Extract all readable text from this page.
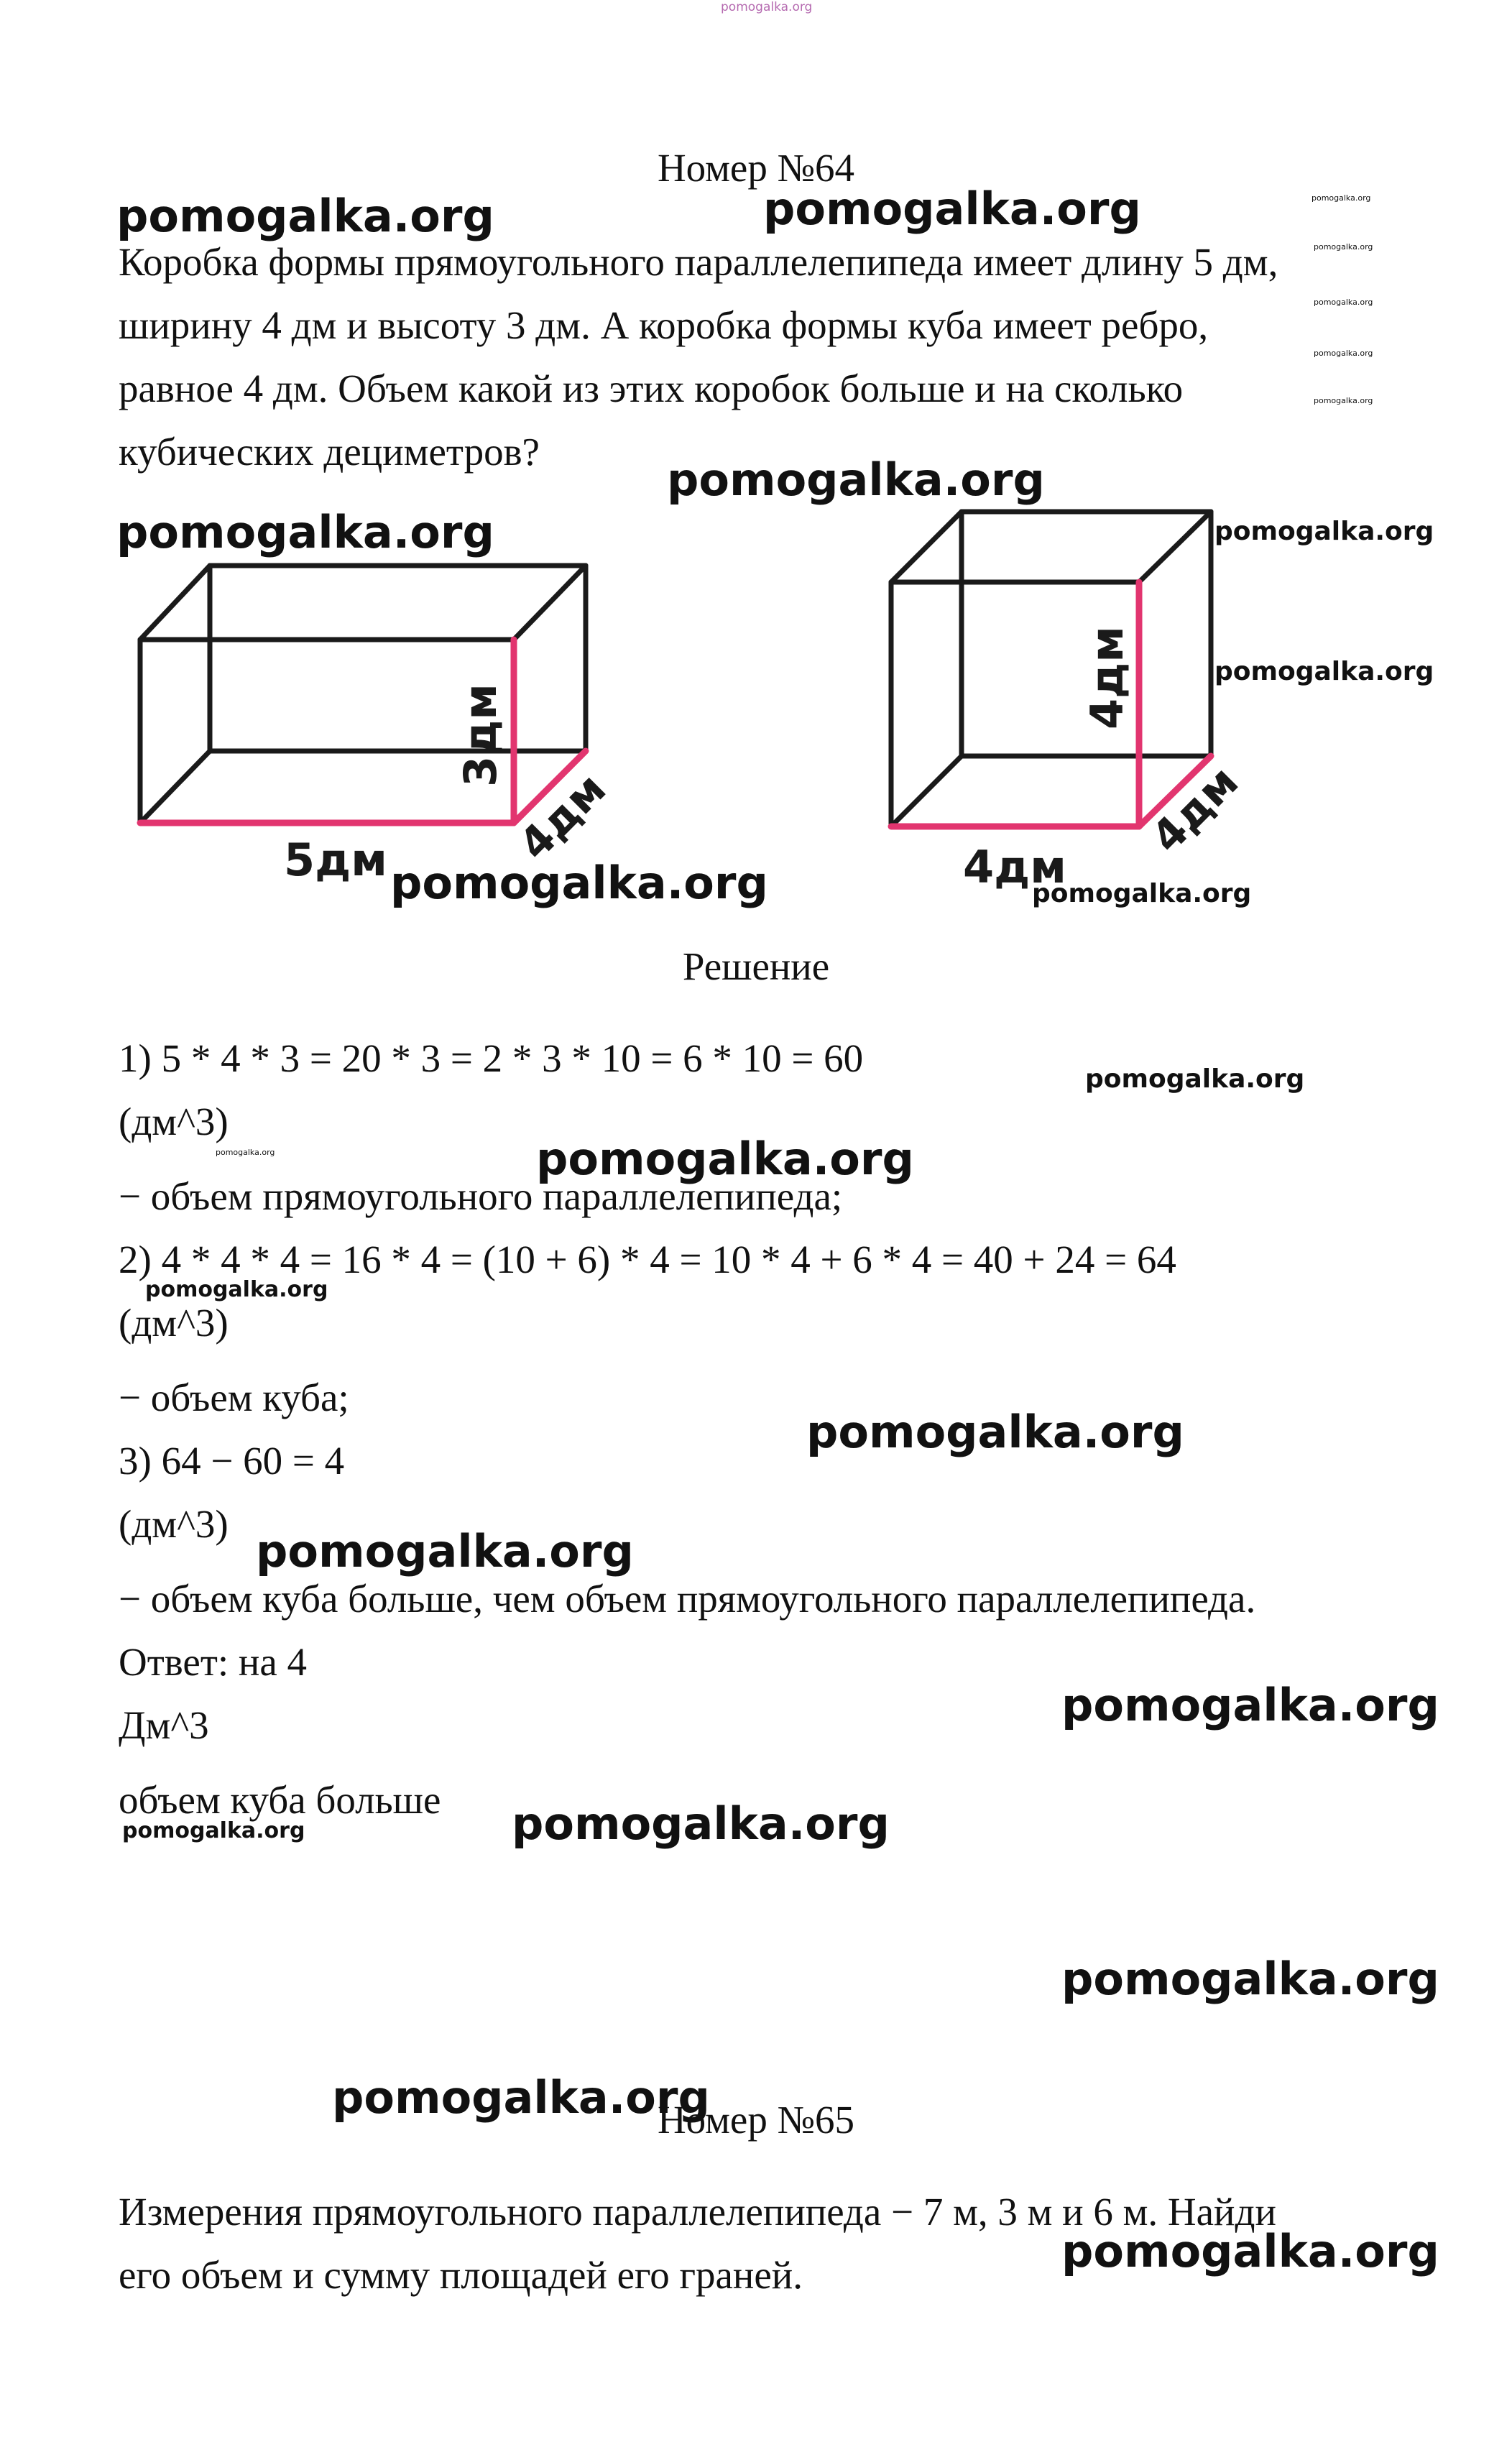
pomogalka.org
Номер №64
Коробка формы прямоугольного параллелепипеда имеет длину 5 дм,
ширину 4 дм и высоту 3 дм. А коробка формы куба имеет ребро,
равное 4 дм. Объем какой из этих коробок больше и на сколько
кубических дециметров?
3дм
4дм
5дм
4дм
4дм
4дм
Решение
1) 5 * 4 * 3 = 20 * 3 = 2 * 3 * 10 = 6 * 10 = 60
(дм^3)
− объем прямоугольного параллелепипеда;
2) 4 * 4 * 4 = 16 * 4 = (10 + 6) * 4 = 10 * 4 + 6 * 4 = 40 + 24 = 64
(дм^3)
− объем куба;
3) 64 − 60 = 4
(дм^3)
− объем куба больше, чем объем прямоугольного параллелепипеда.
Ответ: на 4
Дм^3
объем куба больше
Номер №65
Измерения прямоугольного параллелепипеда − 7 м, 3 м и 6 м. Найди
его объем и сумму площадей его граней.
pomogalka.org	pomogalka.org	pomogalka.org
pomogalka.org
pomogalka.org
pomogalka.org
pomogalka.org
pomogalka.org
pomogalka.org	pomogalka.org
pomogalka.org
pomogalka.org	pomogalka.org
pomogalka.org
pomogalka.org	pomogalka.org
pomogalka.org
pomogalka.org
pomogalka.org
pomogalka.org
pomogalka.org	pomogalka.org
pomogalka.org
pomogalka.org
pomogalka.org
